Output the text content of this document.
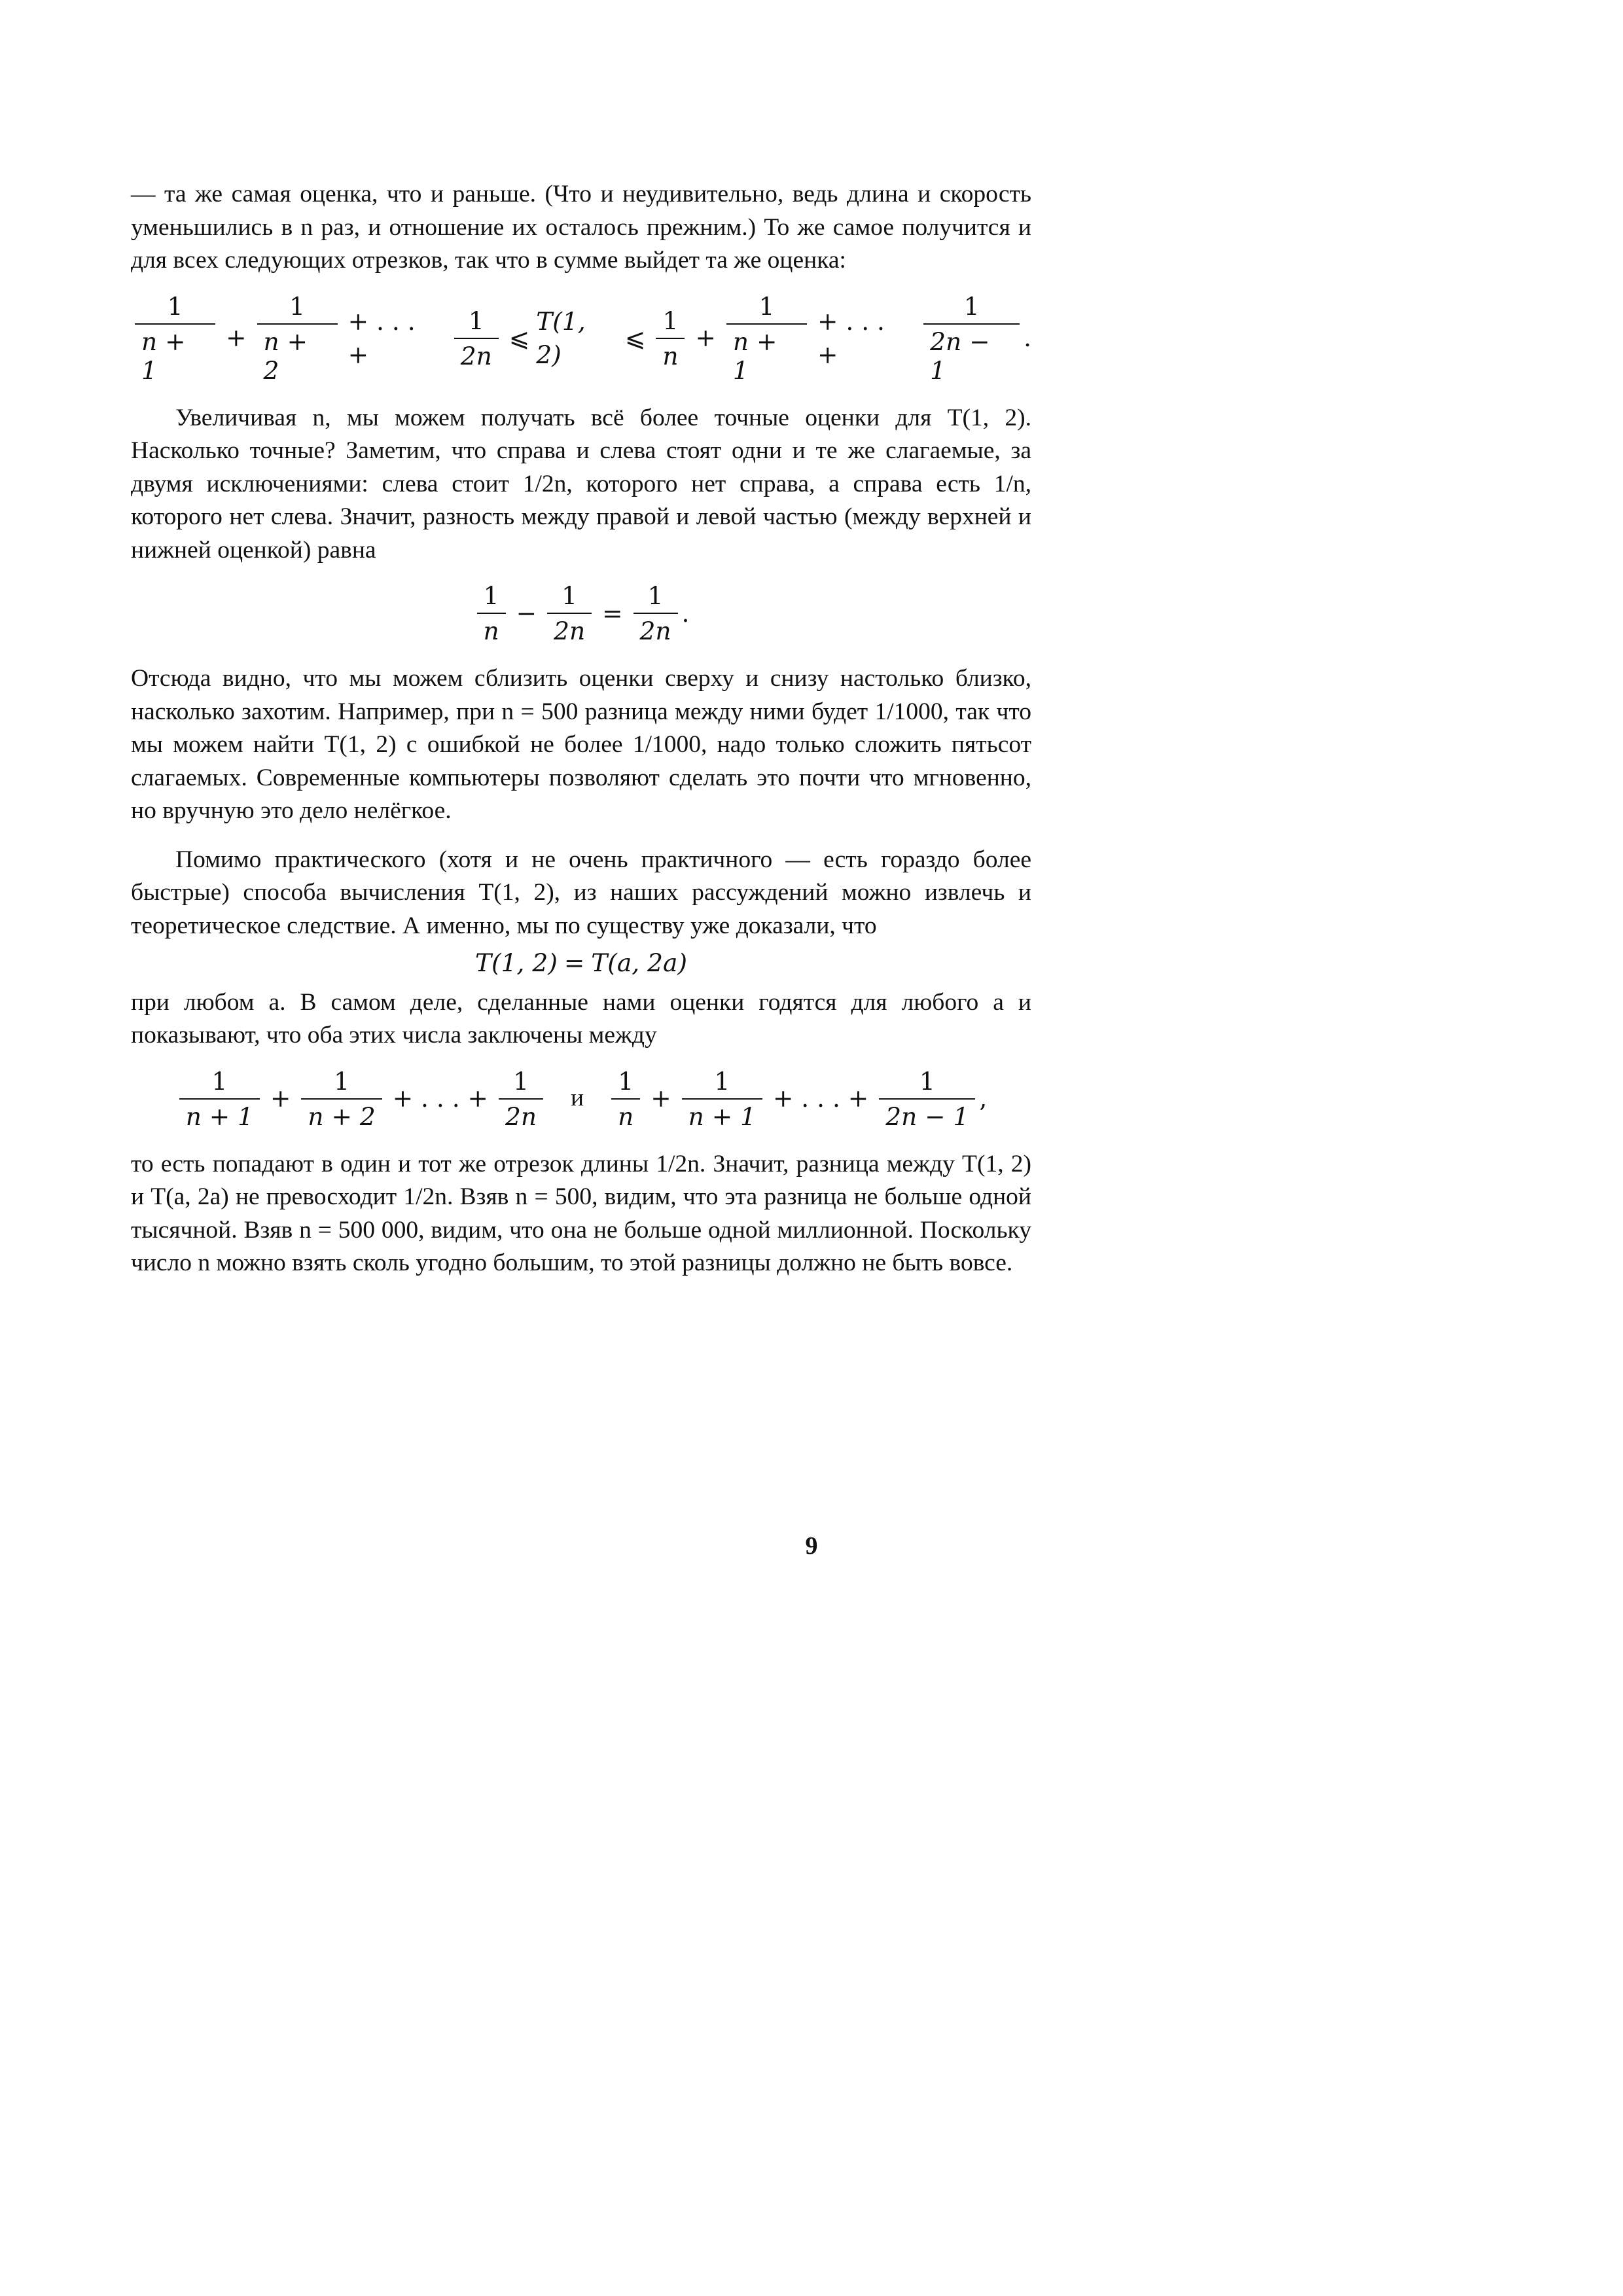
— та же самая оценка, что и раньше. (Что и неудивительно, ведь длина и скорость уменьшились в n раз, и отношение их осталось прежним.) То же самое получится и для всех следующих отрезков, так что в сумме выйдет та же оценка:

$\frac{1}{n + 1} + \frac{1}{n + 2}$ + . . . +	$\frac{1}{2n}$ ⩽
T(1, 2)
⩽ $\frac{1}{n} + \frac{1}{n + 1}$ + . . . +	$\frac{1}{2n - 1}$ .

Увеличивая n, мы можем получать всё более точные оценки для T(1, 2). Насколько точные? Заметим, что справа и слева стоят одни и те же слагаемые, за двумя исключениями: слева стоит 1/2n, которого нет справа, а справа есть 1/n, которого нет слева. Значит, разность между правой и левой частью (между верхней и нижней оценкой) равна

$\frac{1}{n} - \frac{1}{2n} = \frac{1}{2n}$ .

Отсюда видно, что мы можем сблизить оценки сверху и снизу настолько близко, насколько захотим. Например, при n = 500 разница между ними будет 1/1000, так что мы можем найти T(1, 2) с ошибкой не более 1/1000, надо только сложить пятьсот слагаемых. Современные компьютеры позволяют сделать это почти что мгновенно, но вручную это дело нелёгкое.

Помимо практического (хотя и не очень практичного — есть гораздо более быстрые) способа вычисления T(1, 2), из наших рассуждений можно извлечь и теоретическое следствие. А именно, мы по существу уже доказали, что

T(1, 2) = T(a, 2a)

при любом a. В самом деле, сделанные нами оценки годятся для любого a и показывают, что оба этих числа заключены между

$\frac{1}{n + 1} + \frac{1}{n + 2}$ + . . . + $\frac{1}{2n}$ и $\frac{1}{n} + \frac{1}{n + 1}$ + . . . + $\frac{1}{2n - 1}$ ,

то есть попадают в один и тот же отрезок длины 1/2n. Значит, разница между T(1, 2) и T(a, 2a) не превосходит 1/2n. Взяв n = 500, видим, что эта разница не больше одной тысячной. Взяв n = 500 000, видим, что она не больше одной миллионной. Поскольку число n можно взять сколь угодно большим, то этой разницы должно не быть вовсе.

9
